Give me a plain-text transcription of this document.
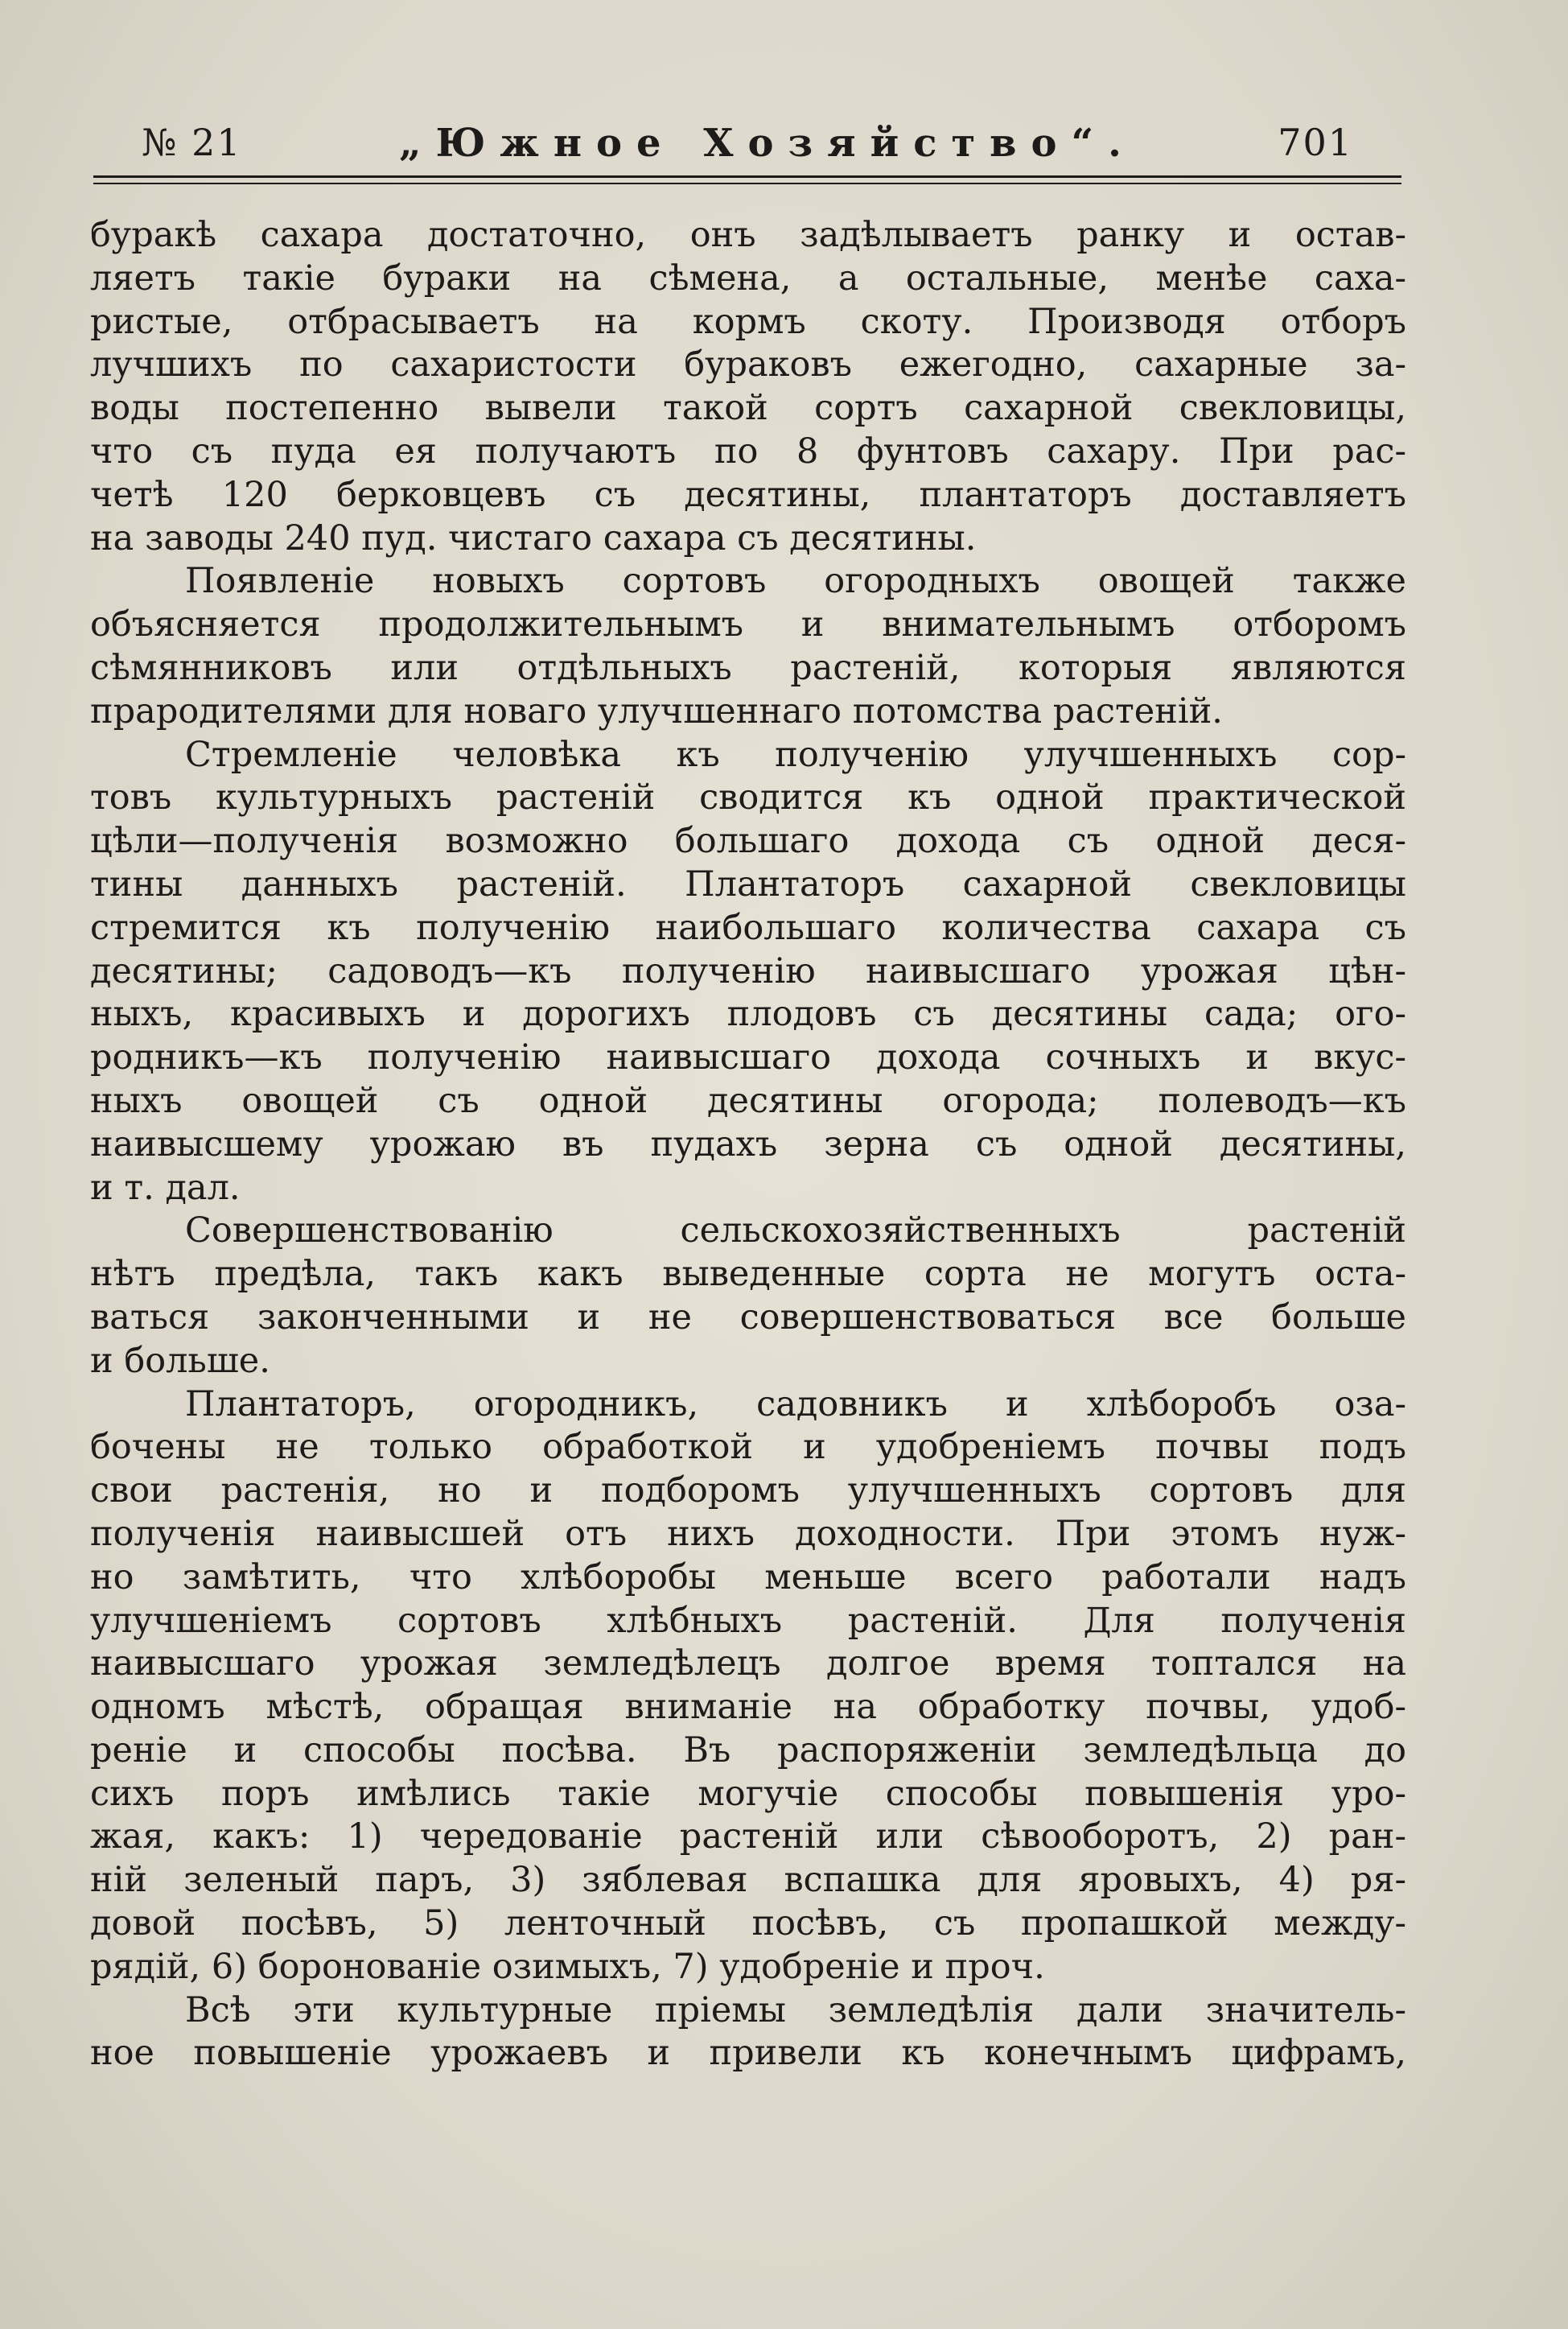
№ 21	„Южное Хозяйство“.	701
буракѣ сахара достаточно, онъ задѣлываетъ ранку и остав-
ляетъ такіе бураки на сѣмена, а остальные, менѣе саха-
ристые, отбрасываетъ на кормъ скоту. Производя отборъ
лучшихъ по сахаристости бураковъ ежегодно, сахарные за-
воды постепенно вывели такой сортъ сахарной свекловицы,
что съ пуда ея получаютъ по 8 фунтовъ сахару. При рас-
четѣ 120 берковцевъ съ десятины, плантаторъ доставляетъ
на заводы 240 пуд. чистаго сахара съ десятины.
Появленіе новыхъ сортовъ огородныхъ овощей также
объясняется продолжительнымъ и внимательнымъ отборомъ
сѣмянниковъ или отдѣльныхъ растеній, которыя являются
прародителями для новаго улучшеннаго потомства растеній.
Стремленіе человѣка къ полученію улучшенныхъ сор-
товъ культурныхъ растеній сводится къ одной практической
цѣли—полученія возможно большаго дохода съ одной деся-
тины данныхъ растеній. Плантаторъ сахарной свекловицы
стремится къ полученію наибольшаго количества сахара съ
десятины; садоводъ—къ полученію наивысшаго урожая цѣн-
ныхъ, красивыхъ и дорогихъ плодовъ съ десятины сада; ого-
родникъ—къ полученію наивысшаго дохода сочныхъ и вкус-
ныхъ овощей съ одной десятины огорода; полеводъ—къ
наивысшему урожаю въ пудахъ зерна съ одной десятины,
и т. дал.
Совершенствованію сельскохозяйственныхъ растеній
нѣтъ предѣла, такъ какъ выведенные сорта не могутъ оста-
ваться законченными и не совершенствоваться все больше
и больше.
Плантаторъ, огородникъ, садовникъ и хлѣборобъ оза-
бочены не только обработкой и удобреніемъ почвы подъ
свои растенія, но и подборомъ улучшенныхъ сортовъ для
полученія наивысшей отъ нихъ доходности. При этомъ нуж-
но замѣтить, что хлѣборобы меньше всего работали надъ
улучшеніемъ сортовъ хлѣбныхъ растеній. Для полученія
наивысшаго урожая земледѣлецъ долгое время топтался на
одномъ мѣстѣ, обращая вниманіе на обработку почвы, удоб-
реніе и способы посѣва. Въ распоряженіи земледѣльца до
сихъ поръ имѣлись такіе могучіе способы повышенія уро-
жая, какъ: 1) чередованіе растеній или сѣвооборотъ, 2) ран-
ній зеленый паръ, 3) зяблевая вспашка для яровыхъ, 4) ря-
довой посѣвъ, 5) ленточный посѣвъ, съ пропашкой между-
рядій, 6) боронованіе озимыхъ, 7) удобреніе и проч.
Всѣ эти культурные пріемы земледѣлія дали значитель-
ное повышеніе урожаевъ и привели къ конечнымъ цифрамъ,
